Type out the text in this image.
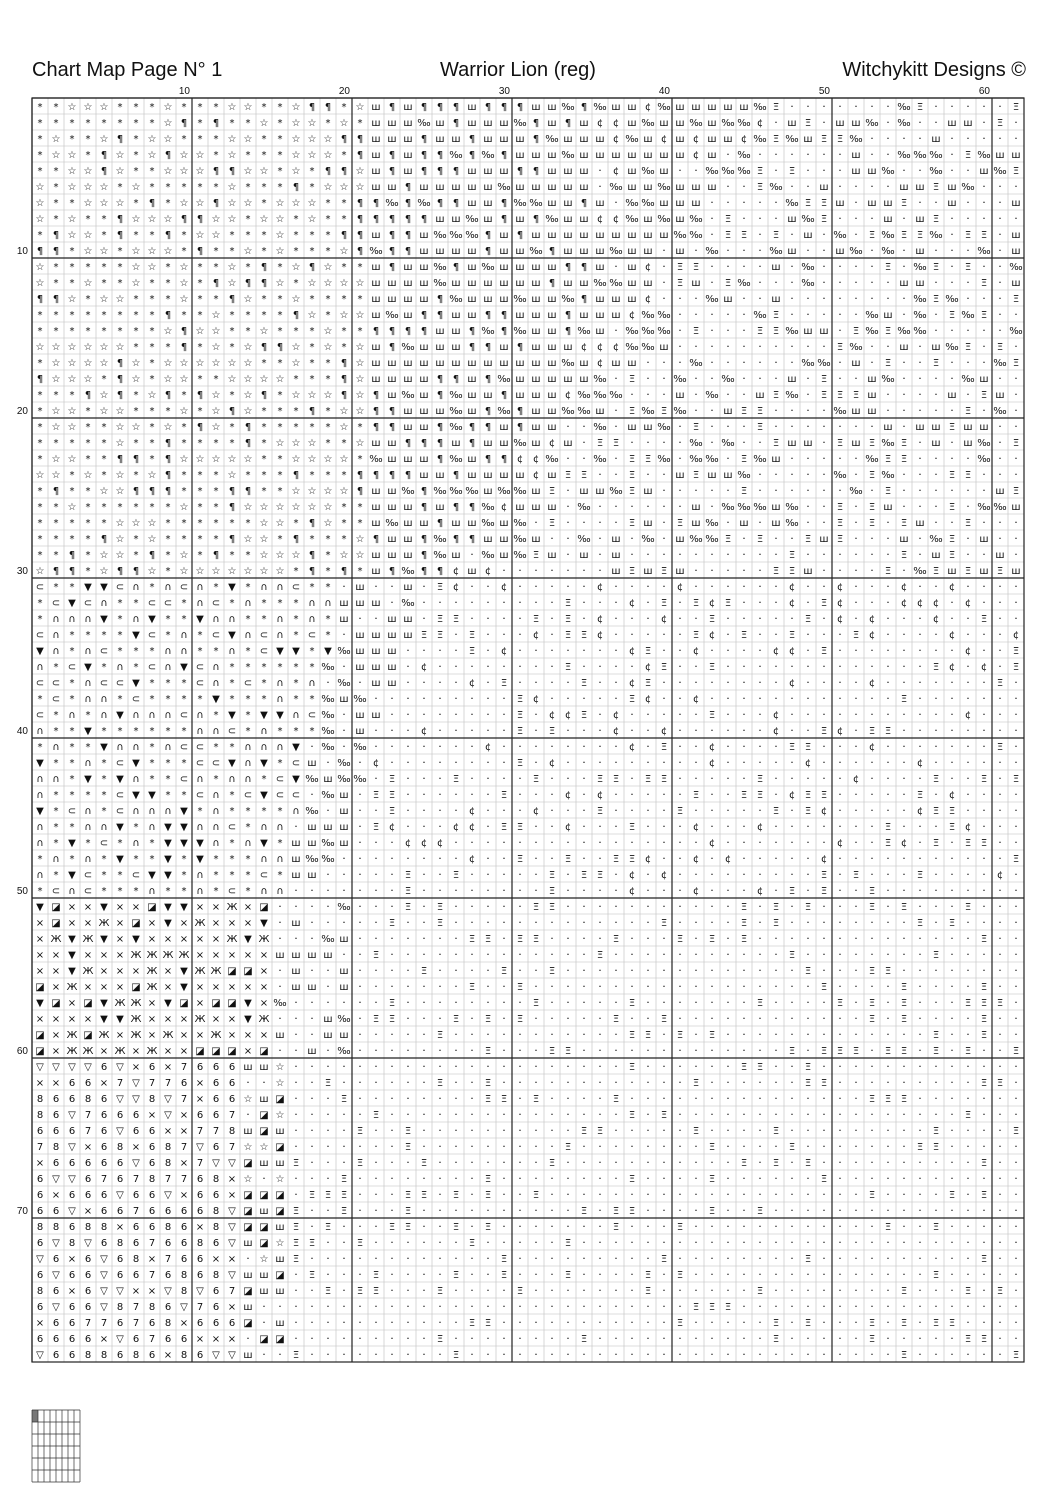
Chart Map Page N° 1	Warrior Lion (reg)	Witchykitt Designs ©
* * ☆ ☆ ☆ * * * ☆ * * * ☆ ☆ * * ☆ ¶ ¶ * ☆ ш ¶ ш ¶ ¶ ¶ ш ¶ ¶ ¶ ш ш ‰ ¶ ‰ ш ш ¢ ‰ ш ш ш ш ш ‰ Ξ · · · · · · · ‰ Ξ · · · · · Ξ
* * * * * * * * ☆ ¶ * ¶ * * ☆ * ☆ ☆ * ☆ * ш ш ш ‰ ш ¶ ш ш ш ‰ ¶ ш ¶ ш ¢ ¢ ш ‰ ш ш ‰ ш ‰ ‰ ¢ · ш Ξ · ш ш ‰ · ‰ · · ш ш · Ξ ·
* ☆ * * ☆ ¶ * ☆ ☆ * * * ☆ ☆ * * ☆ ☆ ☆ ¶ ¶ ш ш ш ¶ ш ш ¶ ш ш ш ¶ ‰ ш ш ш ¢ ‰ ш ¢ ш ¢ ш ш ¢ ‰ Ξ ‰ ш Ξ Ξ ‰ · · · · ш · · · · ·
* ☆ ☆ * ¶ ☆ * ☆ ¶ ☆ ☆ * ☆ * * * ☆ ☆ ☆ * ¶ ш ¶ ш ¶ ¶ ‰ ¶ ‰ ¶ ш ш ш ‰ ш ш ш ш ш ш ш ¢ ш · ‰ · · · · · · ш · · ‰ ‰ ‰ · Ξ ‰ ш ш
* * ☆ ☆ ¶ ☆ * * ☆ ☆ ☆ ¶ ¶ ☆ ☆ * ☆ * ¶ ¶ ☆ ш ¶ ш ¶ ¶ ¶ ш ш ш ¶ ¶ ш ш ш · ¢ ш ‰ ш · · ‰ ‰ ‰ Ξ · Ξ · · · ш ш ‰ · · ‰ · · ш ‰ Ξ
☆ * ☆ ☆ ☆ * ☆ * * * * * ☆ * * * ¶ * ☆ ☆ ☆ ш ш ¶ ш ш ш ш ш ‰ ш ш ш ш ш · ‰ ш ш ‰ ш ш ш · · Ξ ‰ · · ш · · · · ш ш Ξ ш ‰ · · ·
☆ * * ☆ ☆ ☆ * ¶ * ☆ ☆ ¶ ☆ ☆ * ☆ ☆ ☆ * * ¶ ¶ ‰ ¶ ‰ ¶ ¶ ш ш ¶ ‰ ‰ ш ш ¶ ш · ‰ ‰ ш ш ш · · · · · ‰ Ξ Ξ ш · ш ш Ξ · · ш · · · ш
☆ * ☆ * * ¶ ☆ ☆ ☆ ¶ ¶ ☆ ☆ * ☆ ☆ * ☆ * * ¶ ¶ ¶ ¶ ¶ ш ш ‰ ш ¶ ш ¶ ‰ ш ш ¢ ¢ ‰ ш ‰ ш ‰ · Ξ · · · ш ‰ Ξ · · · ш · ш Ξ · · · · ·
* ¶ ☆ ☆ * ¶ * * ¶ * ☆ ☆ * * * ☆ * * * ¶ ¶ ш ¶ ¶ ш ‰ ‰ ‰ ¶ ш ¶ ш ш ш ш ш ш ш ш ш ‰ ‰ · Ξ Ξ · Ξ · ш · ‰ · Ξ ‰ Ξ Ξ ‰ · Ξ Ξ · ш
¶ ¶ * ☆ ☆ * ☆ ☆ ☆ * ¶ * * ☆ * ☆ * * * ☆ ¶ ‰ ¶ ¶ ш ш ш ш ¶ ш ш ‰ ¶ ш ш ш ‰ ш ш · ш · ‰ · · · ‰ ш · · ш ‰ · ‰ · ш · · · ‰ · ш
☆ * * * * * ☆ ☆ * ☆ * * ☆ * ¶ * ☆ ¶ ☆ * * ш ¶ ш ш ‰ ¶ ш ‰ ш ш ш ш ¶ ¶ ш · ш ¢ · Ξ Ξ · · · · ш · ‰ · · · · Ξ · ‰ Ξ · Ξ · · ‰
☆ * * ☆ * * ☆ * * ☆ * ¶ ☆ ¶ ¶ ☆ * ☆ ☆ ☆ ☆ ш ш ш ш ‰ ш ш ш ш ш ш ¶ ш ш ‰ ‰ ш ш · Ξ ш · Ξ ‰ · · · ‰ · · · · · ш ш · · · Ξ · ш
¶ ¶ ☆ * ☆ ☆ * * * ☆ * * ¶ ☆ * * ☆ * * * * ш ш ш ш ¶ ‰ ш ш ш ‰ ш ш ‰ ¶ ш ш ш ¢ · · · ‰ ш · · ш · · · · · · · · ‰ Ξ ‰ · · · Ξ
* * * * * * * * ¶ * * ☆ * * * * ¶ ☆ * ☆ ☆ ш ‰ ш ¶ ¶ ш ш ¶ ¶ ш ш ш ¶ ш ш ш ¢ ‰ ‰ · · · · · ‰ Ξ · · · · · ‰ ш · ‰ · Ξ ‰ Ξ · ·
* * * * * * * * ☆ ¶ ☆ ☆ * * ☆ * * * ☆ * * ¶ ¶ ¶ ¶ ш ш ¶ ‰ ¶ ‰ ш ш ¶ ‰ ш · ‰ ‰ ‰ · Ξ · · · Ξ Ξ ‰ ш ш · Ξ ‰ Ξ ‰ ‰ · · · · · ‰
☆ ☆ ☆ ☆ ☆ ☆ * * * ¶ * ☆ * ☆ ¶ ¶ ☆ * ☆ * ☆ ш ¶ ‰ ш ш ш ¶ ¶ ш ¶ ш ш ш ¢ ¢ ¢ ‰ ‰ ш · · · · · · · · · · Ξ ‰ · · ш · ш ‰ Ξ · Ξ ·
* ☆ ☆ ☆ ☆ ¶ ☆ * ☆ ☆ ☆ ☆ ☆ ☆ * * ☆ * * ¶ ☆ ш ш ш ш ш ш ш ш ш ш ш ш ‰ ш ¢ ш ш · · · ‰ · · · · · · ‰ ‰ · ш · Ξ · · Ξ · · · ‰ Ξ
¶ ☆ ☆ ☆ * ¶ ☆ * ☆ ☆ * * ☆ ☆ ☆ ☆ * * * ¶ ☆ ш ш ш ш ¶ ¶ ш ¶ ‰ ш ш ш ш ш ‰ · Ξ · · ‰ · · ‰ · · · ш · Ξ · · ш ‰ · · · · ‰ ш · ·
* * * ¶ ☆ ¶ * ☆ ¶ * ¶ ☆ * ☆ ¶ * ☆ ☆ ☆ ¶ ☆ ¶ ш ‰ ш ¶ ‰ ш ш ¶ ш ш ш ¢ ‰ ‰ ‰ · · · ш · ‰ · · ш Ξ ‰ · Ξ Ξ Ξ ш · · · · ш · Ξ ш ·
* ☆ ☆ * ☆ ☆ * * * ☆ * ☆ ¶ ☆ * * * ¶ * ☆ ☆ ¶ ¶ ш ш ш ‰ ш ¶ ‰ ¶ ш ш ‰ ‰ ш · Ξ ‰ Ξ ‰ · · ш Ξ Ξ · · · · ‰ ш ш · · · · · Ξ · ‰ ·
* ☆ ☆ * * ☆ ☆ * ☆ * ¶ ☆ * ¶ * * * * * ☆ * ¶ ¶ ш ш ¶ ‰ ¶ ¶ ш ¶ ш ш · · ‰ · ш ш ‰ · Ξ · · · Ξ · · · · · · · ш · ш ш Ξ ш ш · ·
* * * * * ☆ * * ¶ * * * * ¶ * ☆ ☆ ☆ * * ☆ ш ш ¶ ¶ ¶ ш ¶ ш ш ‰ ш ¢ ш · Ξ Ξ · · · · ‰ · ‰ · · Ξ ш ш · Ξ ш Ξ ‰ Ξ · ш · ш ‰ · Ξ
* ☆ ☆ * * ¶ ¶ * ¶ ☆ ☆ ☆ ☆ ☆ * * ☆ ☆ ☆ ☆ * ‰ ш ш ш ¶ ‰ ш ¶ ¶ ¢ ¢ ‰ · · ‰ · Ξ Ξ ‰ · ‰ ‰ · Ξ ‰ ш · · · · · ‰ Ξ Ξ · · · · ‰ · ·
☆ ☆ * ☆ * ☆ * ☆ ¶ * * * ☆ * * * ¶ * * * ¶ ¶ ¶ ¶ ш ш ¶ ш ш ш ш ¢ ш Ξ Ξ · · Ξ · · ш Ξ ш ш ‰ · · · · · ‰ · Ξ ‰ · · · Ξ Ξ · · ·
* ¶ * * ☆ ☆ ¶ ¶ ¶ * * * ¶ ¶ * * ☆ ☆ ☆ ☆ ¶ ш ш ‰ ¶ ‰ ‰ ‰ ш ‰ ‰ ш Ξ · ш ш ‰ Ξ ш · · · · · Ξ · · · · · · ‰ · Ξ · · · · · · ш Ξ
* * ☆ * * * * * * ☆ * * ¶ ☆ ☆ ☆ ☆ ☆ ☆ * * ш ш ш ¶ ш ¶ ¶ ‰ ¢ ш ш ш · ‰ · · · · · · ш · ‰ ‰ ‰ ш ‰ · · Ξ · Ξ ш · · · Ξ · ‰ ‰ ш
* * * * * ☆ ☆ ☆ * * * * * * ☆ ☆ * ¶ ☆ * * ш ‰ ш ш ¶ ш ш ‰ ш ‰ · Ξ · · · · Ξ ш · Ξ ш ‰ · ш · ш ‰ · · Ξ · Ξ · Ξ ш · · Ξ · · ·
* * * * ¶ ☆ * ☆ * * * * ¶ ☆ ☆ * ¶ * * * ☆ ¶ ш ш ¶ ‰ ¶ ¶ ш ш ‰ ш · · ‰ · ш · ‰ · ш ‰ ‰ Ξ · Ξ · · Ξ ш Ξ · · · ш · ‰ Ξ · ш · ·
* * ¶ * ☆ ☆ * ¶ * ☆ * ¶ * * ☆ ☆ ☆ ¶ * ☆ ☆ ш ш ш ¶ ‰ ш · ‰ ш ‰ Ξ ш · ш · ш · · · · · · · · · · Ξ · · · · · · Ξ · ш Ξ · · ш ·
☆ ¶ ¶ * ☆ ¶ ¶ ☆ * ☆ ☆ ☆ ☆ ☆ ☆ ☆ * ¶ * ¶ * ш ¶ ‰ ¶ ¶ ¢ ш ¢ · · · · · · · ш Ξ ш Ξ ш · · · · · Ξ Ξ ш · · · · Ξ · ‰ Ξ ш Ξ ш Ξ ш
⊂ * * ▼ ▼ ⊂ ∩ * ∩ ⊂ ∩ * ▼ * ∩ ∩ ⊂ * * · ш · · ш · Ξ ¢ · · ¢ · · · · · ¢ · · · · ¢ · · · · · · ¢ · · ¢ · · · ¢ · · ¢ · · · ·
* ⊂ ▼ ⊂ ∩ * * ⊂ ⊂ * ∩ ⊂ * ∩ * * * ∩ ∩ ш ш ш · ‰ · · · · · · · · · Ξ · · · ¢ · Ξ · Ξ ¢ Ξ · · · ¢ · Ξ ¢ · · · ¢ ¢ ¢ · ¢ · · ·
* ∩ ∩ ∩ ▼ * ∩ ▼ * * ▼ ∩ ∩ * * ∩ * ∩ * ш · · ш ш · Ξ Ξ · · · · Ξ · Ξ · ¢ · · · ¢ · · Ξ · · · · · Ξ · ¢ · ¢ · · · ¢ · · Ξ · ·
⊂ ∩ * * * * ▼ ⊂ * ∩ * ⊂ ▼ ∩ ⊂ ∩ * ⊂ * · ш ш ш ш Ξ Ξ · Ξ · · · ¢ · Ξ Ξ ¢ · · · · · Ξ ¢ · Ξ · · Ξ · · · Ξ ¢ · · · · ¢ · · · ¢
▼ ∩ * ∩ ⊂ * * * ∩ ∩ * * ∩ * ⊂ ▼ ▼ * ▼ ‰ ш ш ш · · · · Ξ · ¢ · · · · · · · ¢ Ξ · · ¢ · · · · ¢ ¢ · Ξ · · · · · · · · ¢ · · Ξ
∩ * ⊂ ▼ * ∩ * ⊂ ∩ ▼ ⊂ ∩ * * * * * * ‰ · ш ш ш · ¢ · · · · · · · · Ξ · · · · ¢ Ξ · · Ξ · · · · · · · · · · · · · Ξ ¢ · ¢ · Ξ
⊂ ⊂ * ∩ ⊂ ⊂ ▼ * * * ⊂ ∩ * ⊂ * ∩ * ∩ · ‰ · ш ш · · · · ¢ · Ξ · · · · Ξ · · ¢ Ξ · · · · · · · · ¢ · · · · ¢ · · · · · · · Ξ ·
* ⊂ * ∩ ∩ * ⊂ * * * * ▼ * * * ∩ * * ‰ ш ‰ · · · · · · · · · Ξ ¢ · · · · · Ξ ¢ · · ¢ · · · · · · · · · · · · Ξ · · · · · · ·
⊂ * ∩ * ∩ ▼ ∩ ∩ ∩ ⊂ ∩ * ▼ * ▼ ▼ ∩ ⊂ ‰ · ш ш · · · · · · · · Ξ · ¢ ¢ Ξ · ¢ · · · · · Ξ · · · ¢ · · · · · · · · · · · ¢ · · ·
∩ * * ▼ * * * * * * ∩ ∩ ⊂ * ∩ * * * ‰ · ш · · · ¢ · · · · · Ξ · Ξ · · · ¢ · · ¢ · · · · · · ¢ · · Ξ ¢ · Ξ Ξ · · · · · · · ·
* ∩ * * ▼ ∩ ∩ * ∩ ⊂ ⊂ * * ∩ ∩ ∩ ▼ · ‰ · ‰ · · · · · · · ¢ · · · · · · · · ¢ · Ξ · · ¢ · · · · Ξ Ξ · · · ¢ · · · · · · · Ξ ·
▼ * * ∩ * ⊂ ▼ * * * ⊂ ⊂ ▼ ∩ ▼ * ⊂ ш · ‰ · ¢ · · · · · · · · Ξ · ¢ · · · · · · · · · ¢ · · · · · ¢ · · · · · · ¢ · · · · · ·
∩ ∩ * ▼ * ▼ ∩ * * ⊂ ∩ * ∩ ∩ * ⊂ ▼ ‰ ш ‰ ‰ · Ξ · · · Ξ · · · · Ξ · · · Ξ Ξ · Ξ Ξ · · · · · Ξ · · · · · ¢ · · · · Ξ · · Ξ · Ξ
∩ * * * * ⊂ ▼ ▼ * * ⊂ ∩ * ⊂ ▼ ⊂ ⊂ · ‰ ш · Ξ Ξ · · · · · · Ξ · · · ¢ · ¢ · · · · · Ξ · · Ξ Ξ · ¢ Ξ Ξ · · · · · Ξ · ¢ · · · ·
▼ * ⊂ ∩ * ⊂ ∩ ∩ ∩ ▼ * ∩ * * * * ∩ ‰ · ш · · Ξ · · · · ¢ · · · ¢ · · · Ξ · · · · Ξ · · · · · Ξ · Ξ ¢ · · · · · ¢ Ξ Ξ · · · ·
∩ * * ∩ ∩ ▼ * ∩ ▼ ▼ ∩ ∩ ⊂ * ∩ ∩ · ш ш ш · Ξ ¢ · · · ¢ ¢ · Ξ Ξ · · ¢ · · · Ξ · · · ¢ · · · ¢ · · · · · · · Ξ · · · Ξ ¢ · · ·
∩ * ▼ * ⊂ * ∩ * ▼ ▼ ▼ ∩ * ∩ ▼ * ш ш ‰ ш · · · ¢ ¢ ¢ · · · · · · · · · · · · · · · · ¢ · · · · · · · ¢ · · Ξ ¢ · Ξ · Ξ Ξ · ·
* ∩ * ∩ * ▼ * * ▼ * ▼ * * * ∩ ∩ ш ‰ ‰ · · · · · · · · ¢ · · Ξ · · Ξ · · Ξ Ξ ¢ · · ¢ · ¢ · · · · · ¢ · · · · · · · · · · · Ξ
∩ * ▼ ⊂ * * ⊂ ▼ ▼ * ∩ * * * ⊂ * ш ш · · · · · Ξ · · Ξ · · · · · Ξ · Ξ Ξ · ¢ · ¢ · · · · · · · · · Ξ · Ξ · · · Ξ · · · · ¢ ·
* ⊂ ∩ ⊂ * * * ∩ * * ∩ * ⊂ * ∩ ∩ · · · · · · · Ξ · · · · · · · · Ξ · · · · ¢ · · · ¢ · · · ¢ · Ξ · Ξ · · Ξ · · · · · · · · ·
▼ ◪ × × ▼ × × ◪ ▼ ▼ × × Ж × ◪ · · · · ‰ · · · Ξ · Ξ · · · · · Ξ Ξ · · · · · · · · · · · Ξ · Ξ · Ξ · · · Ξ · Ξ · · · Ξ · · ·
× ◪ × × Ж × ◪ × ▼ × Ж × × × ▼ · ш · · · · · Ξ · · Ξ · · · · · · · · · · · · · Ξ · · · · Ξ · Ξ · · · · · · · · Ξ · Ξ · · · ·
× Ж ▼ Ж ▼ × ▼ × × × × × Ж ▼ Ж · · · ‰ ш · · · · · · · Ξ Ξ · Ξ Ξ · · · · Ξ · · · Ξ · Ξ · Ξ · · · · · · · · · · · · · · Ξ · ·
× × ▼ × × × Ж Ж Ж Ж × × × × × ш ш ш ш · · Ξ · · · · · · · · · · · · · Ξ · · · · · · · · · · · Ξ · · · · · · · · Ξ · · · · ·
× × ▼ Ж × × × Ж × ▼ Ж Ж ◪ ◪ × · ш · · ш · · · · Ξ · · · · Ξ · · Ξ · · · · · · · · · · · · · · · Ξ · · · Ξ Ξ · · · · · · · ·
◪ × Ж × × × ◪ Ж × ▼ × × × × × · ш ш · ш · · · · · · · Ξ · · Ξ · · · · · · · · · · · · · · · · · · Ξ · · · · Ξ · · · · Ξ · ·
▼ ◪ × ◪ ▼ Ж Ж × ▼ ◪ × ◪ ◪ ▼ × ‰ · · · · · · Ξ · · · · · · · · Ξ · · · · · Ξ · · · · · · · Ξ · · · · Ξ · Ξ · Ξ · · · Ξ Ξ Ξ ·
× × × × ▼ ▼ Ж × × × Ж × × ▼ Ж · · · ш ‰ · Ξ Ξ · · · Ξ · Ξ · Ξ · · · · · Ξ · · Ξ · · · · · · · · · · · · Ξ · Ξ · · · · Ξ · ·
◪ × Ж ◪ Ж × Ж × Ж × × Ж × × × ш · · ш ш · · · · · Ξ · · · · · · · · · · · Ξ Ξ · Ξ · Ξ · · · · · · · · · · · · · Ξ · · Ξ · ·
◪ × Ж Ж × Ж × Ж × × ◪ ◪ ◪ × ◪ · · ш · ‰ · · · · · · · · Ξ · · · Ξ Ξ · · · · · · · · · · · · · Ξ · Ξ Ξ Ξ · Ξ Ξ · Ξ · Ξ · · Ξ
▽ ▽ ▽ ▽ 6 ▽ × 6 × 7 6 6 6 ш ш ☆ · · · · · · · · · · · · · · · · · · · · · Ξ · · · · · · Ξ Ξ · · Ξ · · · · · · · · · · · · ·
× × 6 6 × 7 ▽ 7 7 6 × 6 6 · · ☆ · · Ξ · · · · · · Ξ · · Ξ · · · · · · · · · · · · Ξ · · · · · · Ξ Ξ · · · · · · · · · Ξ Ξ ·
8 6 6 8 6 ▽ ▽ 8 ▽ 7 × 6 6 ☆ ш ◪ · · · Ξ · · · · · · · · Ξ Ξ · Ξ · · · · Ξ · · · · · · · · · · · · · · · Ξ Ξ Ξ · · · · · · ·
8 6 ▽ 7 6 6 6 × ▽ × 6 6 7 · ◪ ☆ · · · · · Ξ · · · · · · · · · · · · · · · Ξ · Ξ · · · · · · · · · · · · · · · · · · Ξ · · ·
6 6 6 7 6 ▽ 6 6 × × 7 7 8 ш ◪ ш · · · · Ξ · · Ξ · · · · · · · · · · Ξ Ξ · · · · · Ξ · · · · Ξ · · · · · · · · · Ξ · · · · Ξ
7 8 ▽ × 6 8 × 6 8 7 ▽ 6 7 ☆ ☆ ◪ · · · · · · · Ξ · · · · · · · · · Ξ · · · · · · · · Ξ · · · · Ξ · · · · · · · Ξ Ξ · · · · ·
× 6 6 6 6 6 ▽ 6 8 × 7 ▽ ▽ ◪ ш ш Ξ · · · Ξ · · · Ξ · · · · · · · Ξ · · · · · · · · · · · Ξ · Ξ · Ξ · · · · · · · · · · Ξ · ·
6 ▽ ▽ 6 7 6 7 8 7 7 6 8 × ☆ · ☆ · · · Ξ · · · · · · · · Ξ · · · · · · · · Ξ · · · · Ξ · · · · · · Ξ · · · · · · · · · · · ·
6 × 6 6 6 ▽ 6 6 ▽ × 6 6 × ◪ ◪ ◪ · Ξ Ξ Ξ · · · Ξ Ξ · Ξ · Ξ · · Ξ · · · · · · · · · · · · · · · · · · · · Ξ · · · · Ξ · Ξ · ·
6 6 ▽ × 6 6 7 6 6 6 6 8 ▽ ◪ ш ◪ Ξ · · Ξ · · · Ξ · · · · · · · · · · Ξ · Ξ Ξ · · · · Ξ · · Ξ · · · · · · · · · · · · · · · ·
8 8 6 8 8 × 6 6 8 6 × 8 ▽ ◪ ◪ ш Ξ · Ξ · · · Ξ Ξ · · Ξ · Ξ · · · · · · · Ξ · · · Ξ · · · · · · · · · · · · Ξ · · Ξ · · · · ·
6 ▽ 8 ▽ 6 8 6 7 6 6 8 6 ▽ ш ◪ ☆ Ξ Ξ · · Ξ · · · · · · Ξ · · · · · Ξ · · · · · · · · · · · · · · · · · · · · · · · · · · · ·
▽ 6 × 6 ▽ 6 8 × 7 6 6 × × · ☆ ш Ξ · · · · · · · · · · · · Ξ · · · · · · · · · Ξ · · · · · · · · Ξ · · · · · · · · · · Ξ · ·
6 ▽ 6 6 ▽ 6 6 7 6 8 6 8 ▽ ш ш ◪ · Ξ · · · Ξ · · · · Ξ · · Ξ · · · Ξ · · · · Ξ · Ξ · · · · · · · · · · · · · · · Ξ · · · · ·
8 6 × 6 ▽ ▽ × × ▽ 8 ▽ 6 7 ◪ ш ш · · Ξ · Ξ Ξ · · · Ξ · · · · Ξ · · · · · · · Ξ · · · · · · Ξ · · · · · · · · Ξ · · · Ξ · Ξ ·
6 ▽ 6 6 ▽ 8 7 8 6 ▽ 7 6 × ш · · · · · · · · · · · · · · · · · · · · · · · · · · · Ξ Ξ Ξ · · · · · · · · · · · · · · · · · ·
× 6 6 7 7 6 7 6 8 × 6 6 6 ◪ · ш · · · · · · · · · · · Ξ Ξ · · · · · · · · · · · Ξ · · · · · Ξ · Ξ · · · Ξ · Ξ · Ξ Ξ · · · ·
6 6 6 6 × ▽ 6 7 6 6 × × × · ◪ ◪ · · · · · · · · · Ξ · · · · · · · · Ξ · · · · · · · · · · · Ξ · · · · · Ξ · · · · · Ξ Ξ · ·
▽ 6 6 8 8 6 8 6 × 8 6 ▽ ▽ ш · · Ξ · · · · · · · · · Ξ · · · · · · · · · · · · · · · · · · · · · · · · · · · Ξ · · · · · · Ξ
10	20	30	40	50	60
10
20
30
40
50
60
70
